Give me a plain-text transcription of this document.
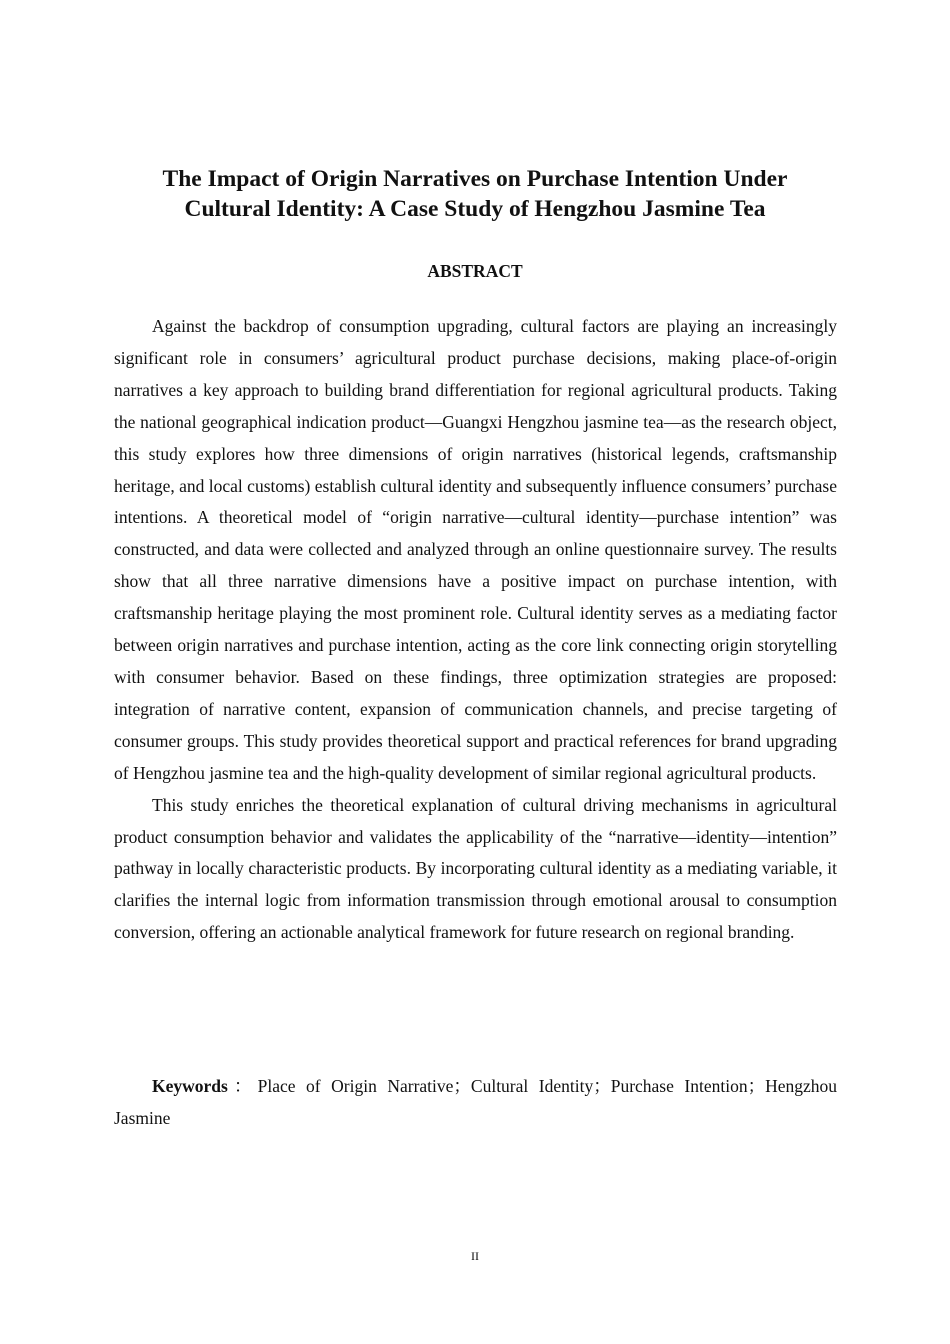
The Impact of Origin Narratives on Purchase Intention Under
Cultural Identity: A Case Study of Hengzhou Jasmine Tea
ABSTRACT

Against the backdrop of consumption upgrading, cultural factors are playing an increasingly significant role in consumers’ agricultural product purchase decisions, making place-of-origin narratives a key approach to building brand differentiation for regional agricultural products. Taking the national geographical indication product—Guangxi Hengzhou jasmine tea—as the research object, this study explores how three dimensions of origin narratives (historical legends, craftsmanship heritage, and local customs) establish cultural identity and subsequently influence consumers’ purchase intentions. A theoretical model of “origin narrative—cultural identity—purchase intention” was constructed, and data were collected and analyzed through an online questionnaire survey. The results show that all three narrative dimensions have a positive impact on purchase intention, with craftsmanship heritage playing the most prominent role. Cultural identity serves as a mediating factor between origin narratives and purchase intention, acting as the core link connecting origin storytelling with consumer behavior. Based on these findings, three optimization strategies are proposed: integration of narrative content, expansion of communication channels, and precise targeting of consumer groups. This study provides theoretical support and practical references for brand upgrading of Hengzhou jasmine tea and the high-quality development of similar regional agricultural products.

This study enriches the theoretical explanation of cultural driving mechanisms in agricultural product consumption behavior and validates the applicability of the “narrative—identity—intention” pathway in locally characteristic products. By incorporating cultural identity as a mediating variable, it clarifies the internal logic from information transmission through emotional arousal to consumption conversion, offering an actionable analytical framework for future research on regional branding.

Keywords：Place of Origin Narrative；Cultural Identity；Purchase Intention；Hengzhou Jasmine

II
